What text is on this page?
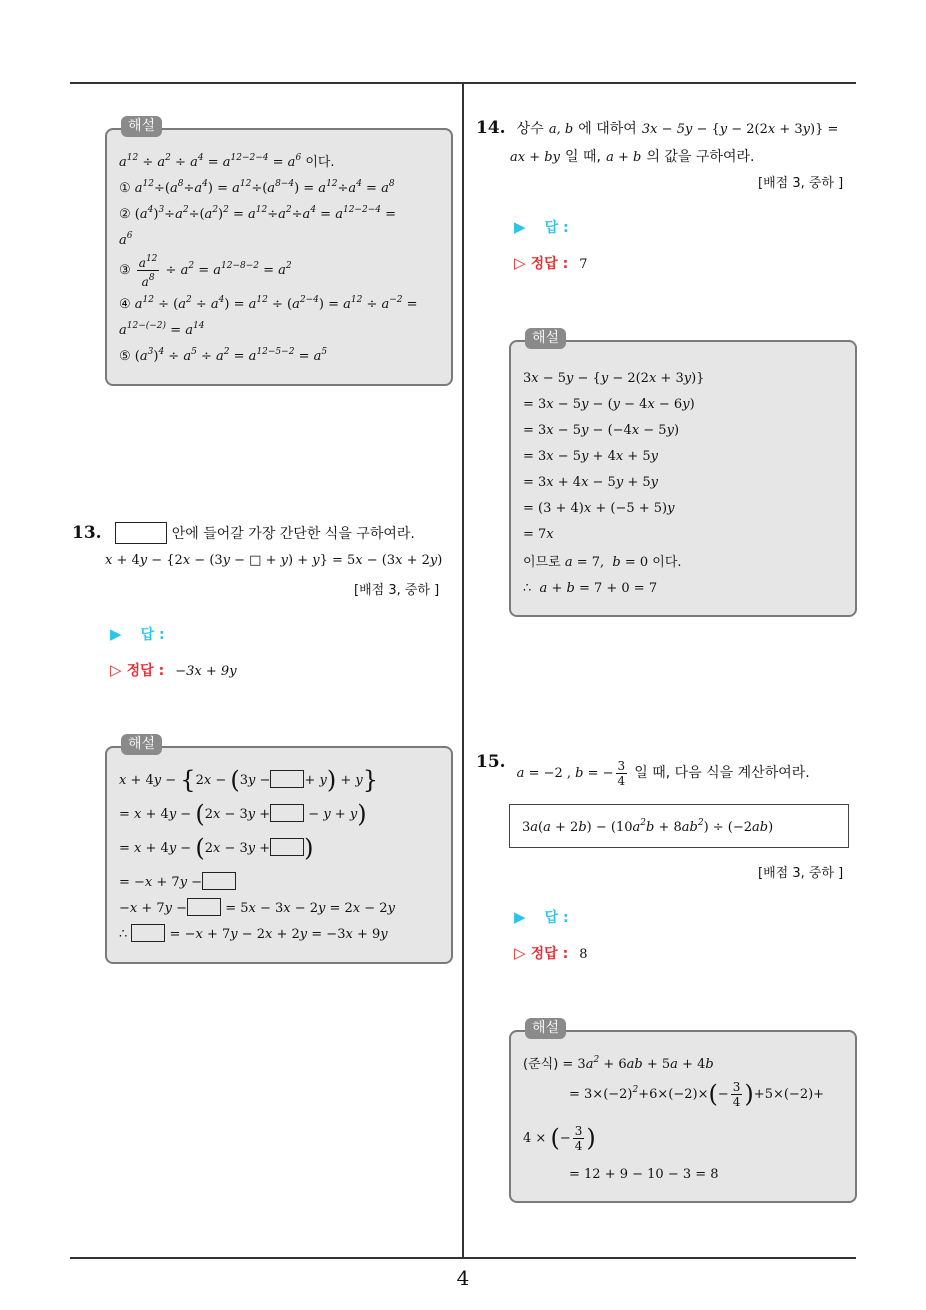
4
해설
$a^{12} \div a^2 \div a^4 = a^{12-2-4} = a^6$ 이다.
① $a^{12}\div(a^8\div a^4) = a^{12}\div(a^{8-4}) = a^{12}\div a^4 = a^8$
② $(a^4)^3\div a^2\div(a^2)^2 = a^{12}\div a^2\div a^4 = a^{12-2-4}$ =
$a^6$
③ $\frac{a^{12}}{a^8} \div a^2 = a^{12-8-2} = a^2$
④ $a^{12} \div (a^2 \div a^4) = a^{12} \div (a^{2-4}) = a^{12} \div a^{-2}$ =
$a^{12-(-2)} = a^{14}$
⑤ $(a^3)^4 \div a^5 \div a^2 = a^{12-5-2} = a^5$
13.	안에 들어갈 가장 간단한 식을 구하여라.
x + 4y − {2x − (3y − □ + y) + y} = 5x − (3x + 2y)
[배점 3, 중하 ]
▶ 답 :
▷ 정답 : −3x + 9y
해설
x + 4y − {2x − (3y −	+ y) + y}
= x + 4y − (2x − 3y +	− y + y)
= x + 4y − (2x − 3y + )
= −x + 7y −
−x + 7y −	= 5x − 3x − 2y = 2x − 2y
∴	= −x + 7y − 2x + 2y = −3x + 9y
14. 상수 a, b 에 대하여 3x − 5y − {y − 2(2x + 3y)} =
ax + by 일 때, a + b 의 값을 구하여라.
[배점 3, 중하 ]
▶ 답 :
▷ 정답 : 7
해설
3x − 5y − {y − 2(2x + 3y)}
= 3x − 5y − (y − 4x − 6y)
= 3x − 5y − (−4x − 5y)
= 3x − 5y + 4x + 5y
= 3x + 4x − 5y + 5y
= (3 + 4)x + (−5 + 5)y
= 7x
이므로 a = 7,  b = 0 이다.
∴  a + b = 7 + 0 = 7
15. a = −2 , b = − $\frac{3}{4}$ 일 때, 다음 식을 계산하여라.
$3a(a + 2b) - (10a^2b + 8ab^2) \div (-2ab)$
[배점 3, 중하 ]
▶ 답 :
▷ 정답 : 8
해설
(준식) = $3a^2 + 6ab + 5a + 4b$
= $3\times(-2)^2+6\times(-2)\times(- \frac{3}{4} )+5\times(-2)+$
4 × (− $\frac{3}{4}$ )
= 12 + 9 − 10 − 3 = 8
